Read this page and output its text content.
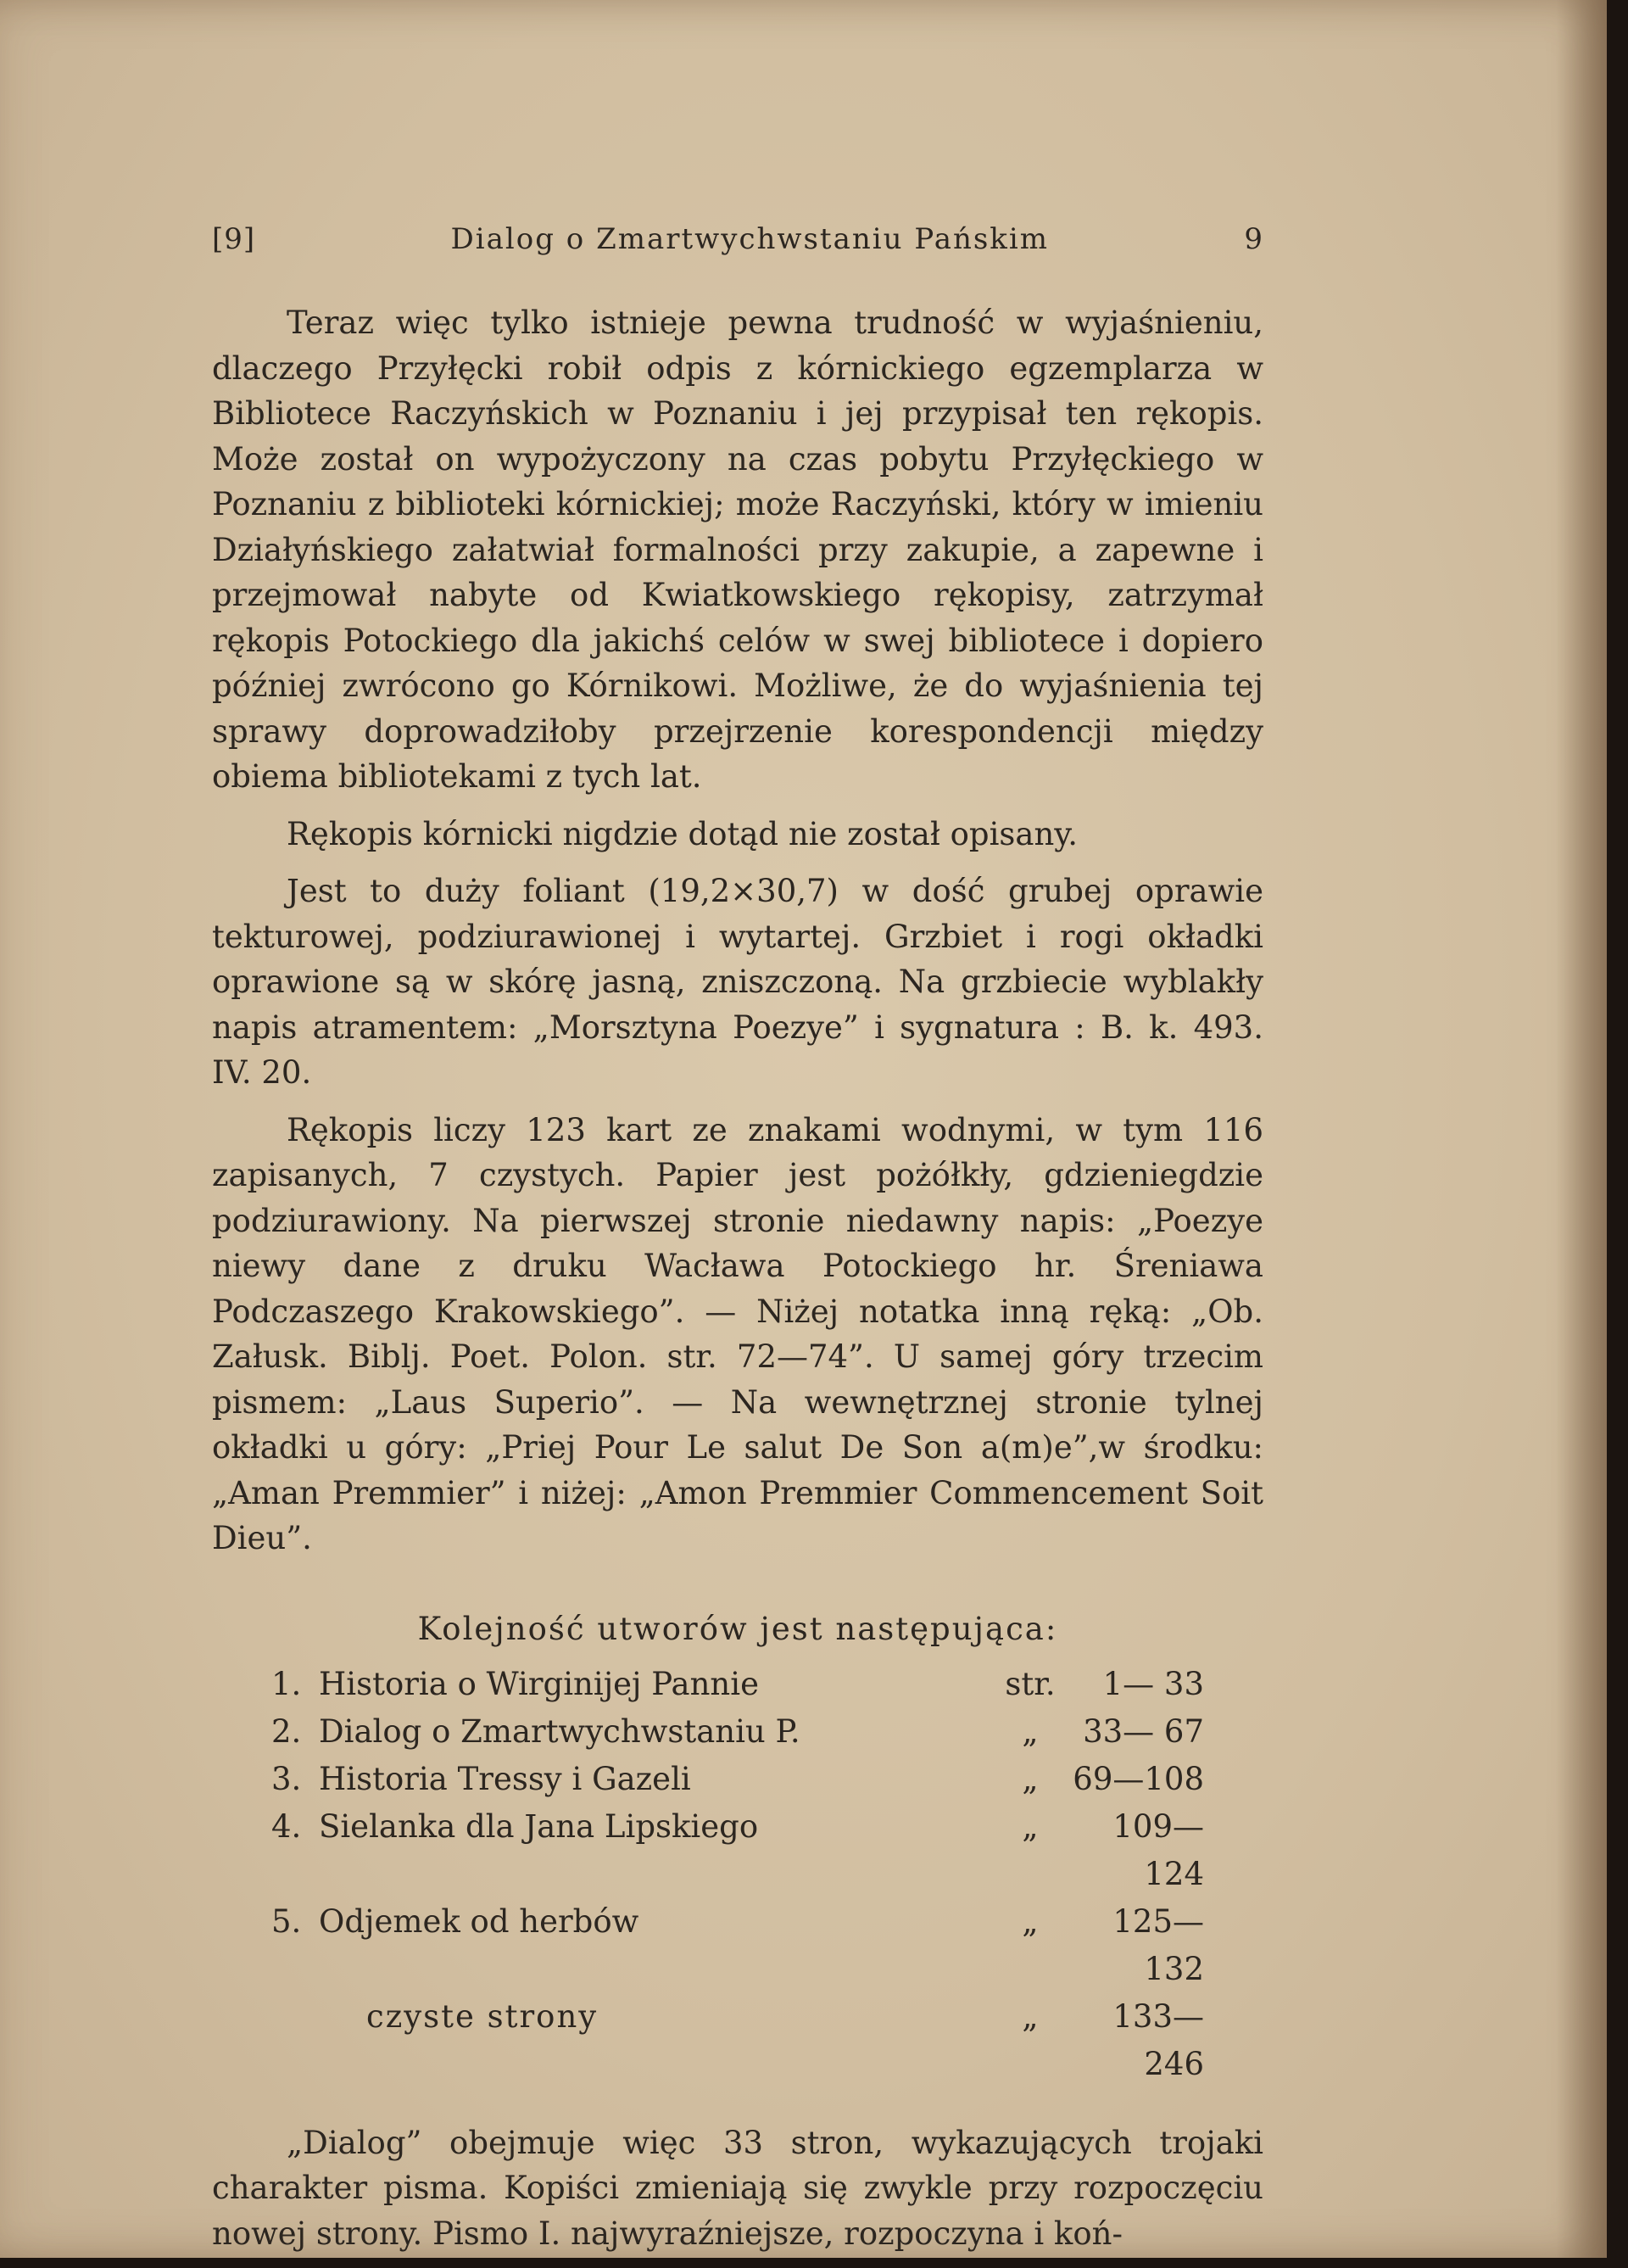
[9]	Dialog o Zmartwychwstaniu Pańskim	9

Teraz więc tylko istnieje pewna trudność w wyjaśnieniu, dlaczego Przyłęcki robił odpis z kórnickiego egzemplarza w Bibliotece Raczyńskich w Poznaniu i jej przypisał ten rękopis. Może został on wypożyczony na czas pobytu Przyłęckiego w Poznaniu z biblioteki kórnickiej; może Raczyński, który w imieniu Działyńskiego załatwiał formalności przy zakupie, a zapewne i przejmował nabyte od Kwiatkowskiego rękopisy, zatrzymał rękopis Potockiego dla jakichś celów w swej bibliotece i dopiero później zwrócono go Kórnikowi. Możliwe, że do wyjaśnienia tej sprawy doprowadziłoby przejrzenie korespondencji między obiema bibliotekami z tych lat.

Rękopis kórnicki nigdzie dotąd nie został opisany.

Jest to duży foliant (19,2×30,7) w dość grubej oprawie tekturowej, podziurawionej i wytartej. Grzbiet i rogi okładki oprawione są w skórę jasną, zniszczoną. Na grzbiecie wyblakły napis atramentem: „Morsztyna Poezye” i sygnatura : B. k. 493. IV. 20.

Rękopis liczy 123 kart ze znakami wodnymi, w tym 116 zapisanych, 7 czystych. Papier jest pożółkły, gdzieniegdzie podziurawiony. Na pierwszej stronie niedawny napis: „Poezye niewy dane z druku Wacława Potockiego hr. Śreniawa Podczaszego Krakowskiego”. — Niżej notatka inną ręką: „Ob. Załusk. Biblj. Poet. Polon. str. 72—74”. U samej góry trzecim pismem: „Laus Superio”. — Na wewnętrznej stronie tylnej okładki u góry: „Priej Pour Le salut De Son a(m)e”,w środku: „Aman Premmier” i niżej: „Amon Premmier Commencement Soit Dieu”.

Kolejność utworów jest następująca:
1. Historia o Wirginijej Pannie	str.	1— 33
2. Dialog o Zmartwychwstaniu P.	„	33— 67
3. Historia Tressy i Gazeli	„	69—108
4. Sielanka dla Jana Lipskiego	„	109—124
5. Odjemek od herbów	„	125—132
czyste strony	„	133—246

„Dialog” obejmuje więc 33 stron, wykazujących trojaki charakter pisma. Kopiści zmieniają się zwykle przy rozpoczęciu nowej strony. Pismo I. najwyraźniejsze, rozpoczyna i koń-
